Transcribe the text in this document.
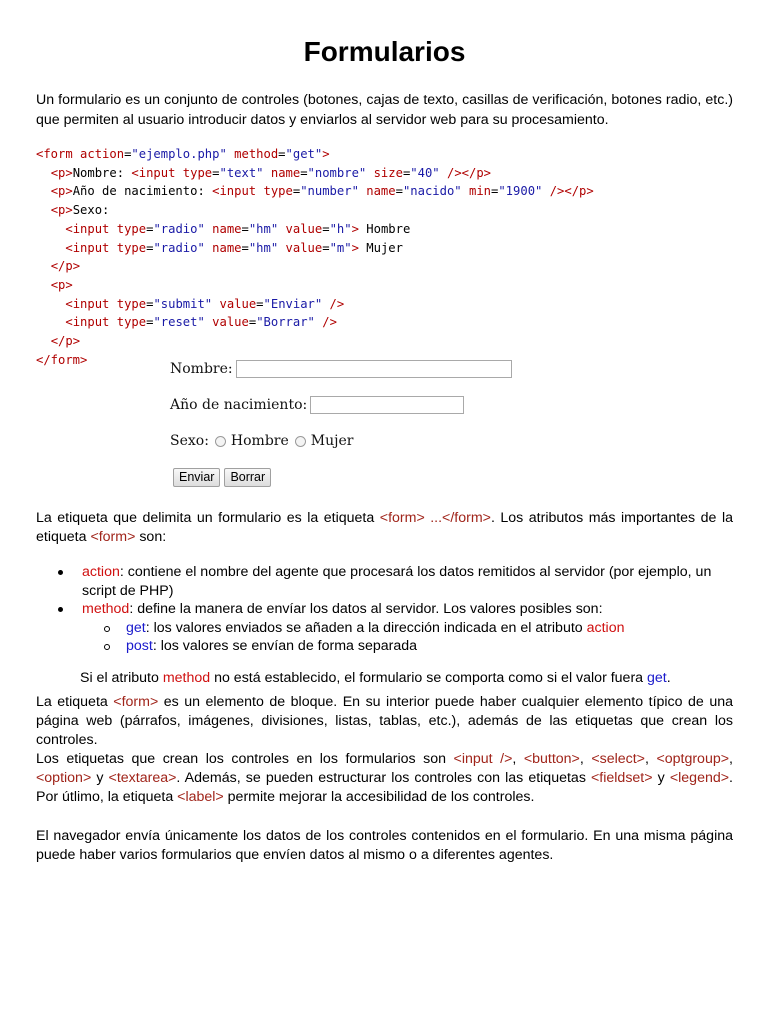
Formularios

Un formulario es un conjunto de controles (botones, cajas de texto, casillas de verificación, botones radio, etc.) que permiten al usuario introducir datos y enviarlos al servidor web para su procesamiento.

<form action="ejemplo.php" method="get">
<p>Nombre: <input type="text" name="nombre" size="40" /></p>
<p>Año de nacimiento: <input type="number" name="nacido" min="1900" /></p>
<p>Sexo:
<input type="radio" name="hm" value="h"> Hombre
<input type="radio" name="hm" value="m"> Mujer
</p>
<p>
<input type="submit" value="Enviar" />
<input type="reset" value="Borrar" />
</p>
</form>
Nombre:
Año de nacimiento:
Sexo: Hombre Mujer
Enviar	Borrar

La etiqueta que delimita un formulario es la etiqueta <form> ...</form>. Los atributos más importantes de la etiqueta <form> son:

action: contiene el nombre del agente que procesará los datos remitidos al servidor (por ejemplo, un script de PHP)
method: define la manera de envíar los datos al servidor. Los valores posibles son:
get: los valores enviados se añaden a la dirección indicada en el atributo action
post: los valores se envían de forma separada

Si el atributo method no está establecido, el formulario se comporta como si el valor fuera get.

La etiqueta <form> es un elemento de bloque. En su interior puede haber cualquier elemento típico de una página web (párrafos, imágenes, divisiones, listas, tablas, etc.), además de las etiquetas que crean los controles.

Los etiquetas que crean los controles en los formularios son <input />, <button>, <select>, <optgroup>, <option> y <textarea>. Además, se pueden estructurar los controles con las etiquetas <fieldset> y <legend>. Por útlimo, la etiqueta <label> permite mejorar la accesibilidad de los controles.

El navegador envía únicamente los datos de los controles contenidos en el formulario. En una misma página puede haber varios formularios que envíen datos al mismo o a diferentes agentes.
